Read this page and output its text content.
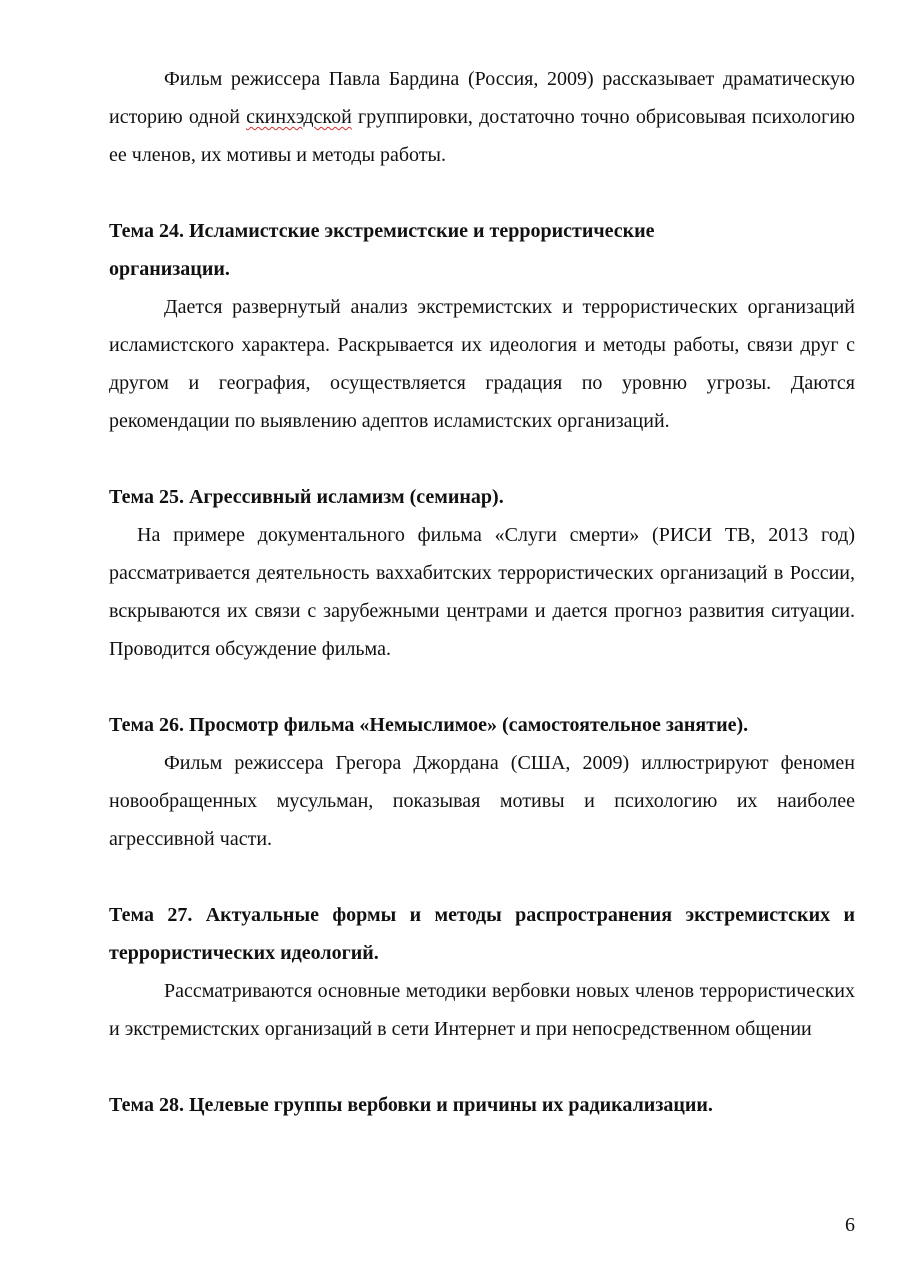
Фильм режиссера Павла Бардина (Россия, 2009) рассказывает драматическую историю одной скинхэдской группировки, достаточно точно обрисовывая психологию ее членов, их мотивы и методы работы.

Тема 24. Исламистские экстремистские и террористические организации.

Дается развернутый анализ экстремистских и террористических организаций исламистского характера. Раскрывается их идеология и методы работы, связи друг с другом и география, осуществляется градация по уровню угрозы. Даются рекомендации по выявлению адептов исламистских организаций.

Тема 25. Агрессивный исламизм (семинар).

На примере документального фильма «Слуги смерти» (РИСИ ТВ, 2013 год) рассматривается деятельность ваххабитских террористических организаций в России, вскрываются их связи с зарубежными центрами и дается прогноз развития ситуации. Проводится обсуждение фильма.

Тема 26. Просмотр фильма «Немыслимое» (самостоятельное занятие).

Фильм режиссера Грегора Джордана (США, 2009) иллюстрируют феномен новообращенных мусульман, показывая мотивы и психологию их наиболее агрессивной части.

Тема 27. Актуальные формы и методы распространения экстремистских и террористических идеологий.

Рассматриваются основные методики вербовки новых членов террористических и экстремистских организаций в сети Интернет и при непосредственном общении

Тема 28. Целевые группы вербовки и причины их радикализации.
6
